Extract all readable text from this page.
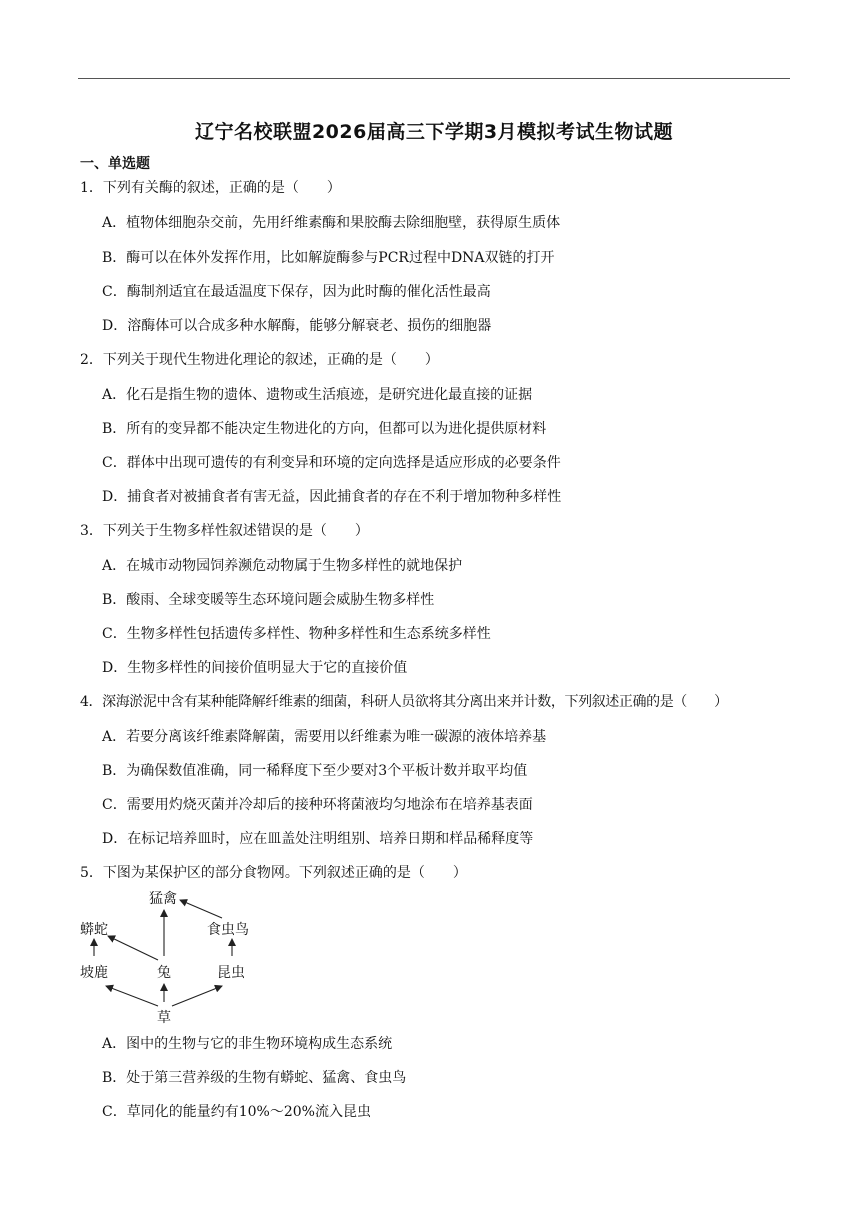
辽宁名校联盟2026届高三下学期3月模拟考试生物试题
一、单选题
1．下列有关酶的叙述，正确的是（　　）
A．植物体细胞杂交前，先用纤维素酶和果胶酶去除细胞壁，获得原生质体
B．酶可以在体外发挥作用，比如解旋酶参与PCR过程中DNA双链的打开
C．酶制剂适宜在最适温度下保存，因为此时酶的催化活性最高
D．溶酶体可以合成多种水解酶，能够分解衰老、损伤的细胞器
2．下列关于现代生物进化理论的叙述，正确的是（　　）
A．化石是指生物的遗体、遗物或生活痕迹，是研究进化最直接的证据
B．所有的变异都不能决定生物进化的方向，但都可以为进化提供原材料
C．群体中出现可遗传的有利变异和环境的定向选择是适应形成的必要条件
D．捕食者对被捕食者有害无益，因此捕食者的存在不利于增加物种多样性
3．下列关于生物多样性叙述错误的是（　　）
A．在城市动物园饲养濒危动物属于生物多样性的就地保护
B．酸雨、全球变暖等生态环境问题会威胁生物多样性
C．生物多样性包括遗传多样性、物种多样性和生态系统多样性
D．生物多样性的间接价值明显大于它的直接价值
4．深海淤泥中含有某种能降解纤维素的细菌，科研人员欲将其分离出来并计数，下列叙述正确的是（　　）
A．若要分离该纤维素降解菌，需要用以纤维素为唯一碳源的液体培养基
B．为确保数值准确，同一稀释度下至少要对3个平板计数并取平均值
C．需要用灼烧灭菌并冷却后的接种环将菌液均匀地涂布在培养基表面
D．在标记培养皿时，应在皿盖处注明组别、培养日期和样品稀释度等
5．下图为某保护区的部分食物网。下列叙述正确的是（　　）
猛禽
蟒蛇	食虫鸟
坡鹿	兔	昆虫
草
A．图中的生物与它的非生物环境构成生态系统
B．处于第三营养级的生物有蟒蛇、猛禽、食虫鸟
C．草同化的能量约有10%～20%流入昆虫
